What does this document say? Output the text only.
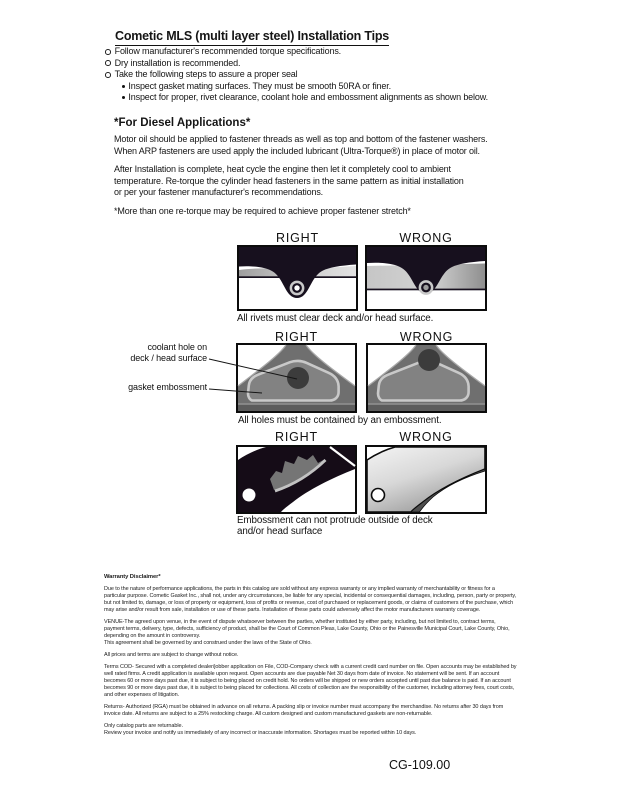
Cometic MLS (multi layer steel) Installation Tips
Follow manufacturer's recommended torque specifications.
Dry installation is recommended.
Take the following steps to assure a proper seal
Inspect gasket mating surfaces. They must be smooth 50RA or finer.
Inspect for proper, rivet clearance, coolant hole and embossment alignments as shown below.
*For Diesel Applications*
Motor oil should be applied to fastener threads as well as top and bottom of the fastener washers.
When ARP fasteners are used apply the included lubricant (Ultra-Torque®) in place of motor oil.
After Installation is complete, heat cycle the engine then let it completely cool to ambient
temperature. Re-torque the cylinder head fasteners in the same pattern as initial installation
or per your fastener manufacturer's recommendations.
*More than one re-torque may be required to achieve proper fastener stretch*
RIGHT	WRONG
All rivets must clear deck and/or head surface.
RIGHT	WRONG
coolant hole on
deck / head surface
gasket embossment
All holes must be contained by an embossment.
RIGHT	WRONG
Embossment can not protrude outside of deck
and/or head surface

Warranty Disclaimer*

Due to the nature of performance applications, the parts in this catalog are sold without any express warranty or any implied warranty of merchantability or fitness for a particular purpose. Cometic Gasket Inc., shall not, under any circumstances, be liable for any special, incidental or consequential damages, including, person, party or property, but not limited to, damage, or loss of property or equipment, loss of profits or revenue, cost of purchased or replacement goods, or claims of customers of the purchase, which may arise and/or result from sale, installation or use of these parts. Installation of these parts could adversely affect the motor manufacturers warranty coverage.

VENUE-The agreed upon venue, in the event of dispute whatsoever between the parties, whether instituted by either party, including, but not limited to, contract terms, payment terms, delivery, type, defects, sufficiency of product, shall be the Court of Common Pleas, Lake County, Ohio or the Painesville Municipal Court, Lake County, Ohio, depending on the amount in controversy.

This agreement shall be governed by and construed under the laws of the State of Ohio.

All prices and terms are subject to change without notice.

Terms COD- Secured with a completed dealer/jobber application on File, COD-Company check with a current credit card number on file. Open accounts may be established by well rated firms. A credit application is available upon request. Open accounts are due payable Net 30 days from date of invoice. No statement will be sent. If an account becomes 60 or more days past due, it is subject to being placed on credit hold. No orders will be shipped or new orders accepted until past due balance is paid. If an account becomes 90 or more days past due, it is subject to being placed for collections. All costs of collection are the responsibility of the customer, including attorney fees, court costs, and other expenses of litigation.

Returns- Authorized (RGA) must be obtained in advance on all returns. A packing slip or invoice number must accompany the merchandise. No returns after 30 days from invoice date. All returns are subject to a 25% restocking charge. All custom designed and custom manufactured gaskets are non-returnable.

Only catalog parts are returnable.

Review your invoice and notify us immediately of any incorrect or inaccurate information. Shortages must be reported within 10 days.

CG-109.00
